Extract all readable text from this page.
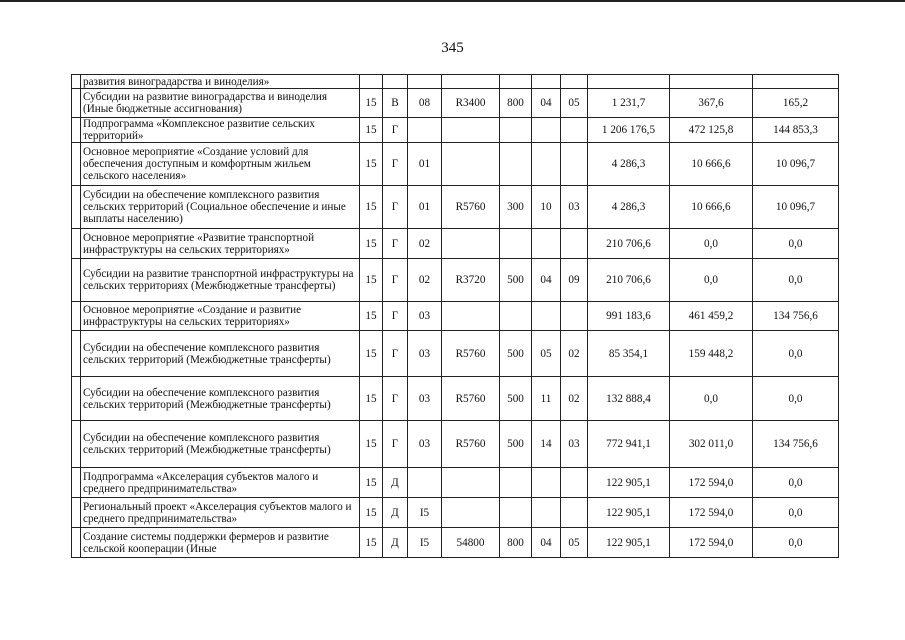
345
	развития виноградарства и виноделия»										
	Субсидии на развитие виноградарства и виноделия (Иные бюджетные ассигнования)	15	В	08	R3400	800	04	05	1 231,7	367,6	165,2
	Подпрограмма «Комплексное развитие сельских территорий»	15	Г						1 206 176,5	472 125,8	144 853,3
	Основное мероприятие «Создание условий для обеспечения доступным и комфортным жильем сельского населения»	15	Г	01					4 286,3	10 666,6	10 096,7
	Субсидии на обеспечение комплексного развития сельских территорий (Социальное обеспечение и иные выплаты населению)	15	Г	01	R5760	300	10	03	4 286,3	10 666,6	10 096,7
	Основное мероприятие «Развитие транспортной инфраструктуры на сельских территориях»	15	Г	02					210 706,6	0,0	0,0
	Субсидии на развитие транспортной инфраструктуры на сельских территориях (Межбюджетные трансферты)	15	Г	02	R3720	500	04	09	210 706,6	0,0	0,0
	Основное мероприятие «Создание и развитие инфраструктуры на сельских территориях»	15	Г	03					991 183,6	461 459,2	134 756,6
	Субсидии на обеспечение комплексного развития сельских территорий (Межбюджетные трансферты)	15	Г	03	R5760	500	05	02	85 354,1	159 448,2	0,0
	Субсидии на обеспечение комплексного развития сельских территорий (Межбюджетные трансферты)	15	Г	03	R5760	500	11	02	132 888,4	0,0	0,0
	Субсидии на обеспечение комплексного развития сельских территорий (Межбюджетные трансферты)	15	Г	03	R5760	500	14	03	772 941,1	302 011,0	134 756,6
	Подпрограмма «Акселерация субъектов малого и среднего предпринимательства»	15	Д						122 905,1	172 594,0	0,0
	Региональный проект «Акселерация субъектов малого и среднего предпринимательства»	15	Д	I5					122 905,1	172 594,0	0,0
	Создание системы поддержки фермеров и развитие сельской кооперации (Иные	15	Д	I5	54800	800	04	05	122 905,1	172 594,0	0,0
